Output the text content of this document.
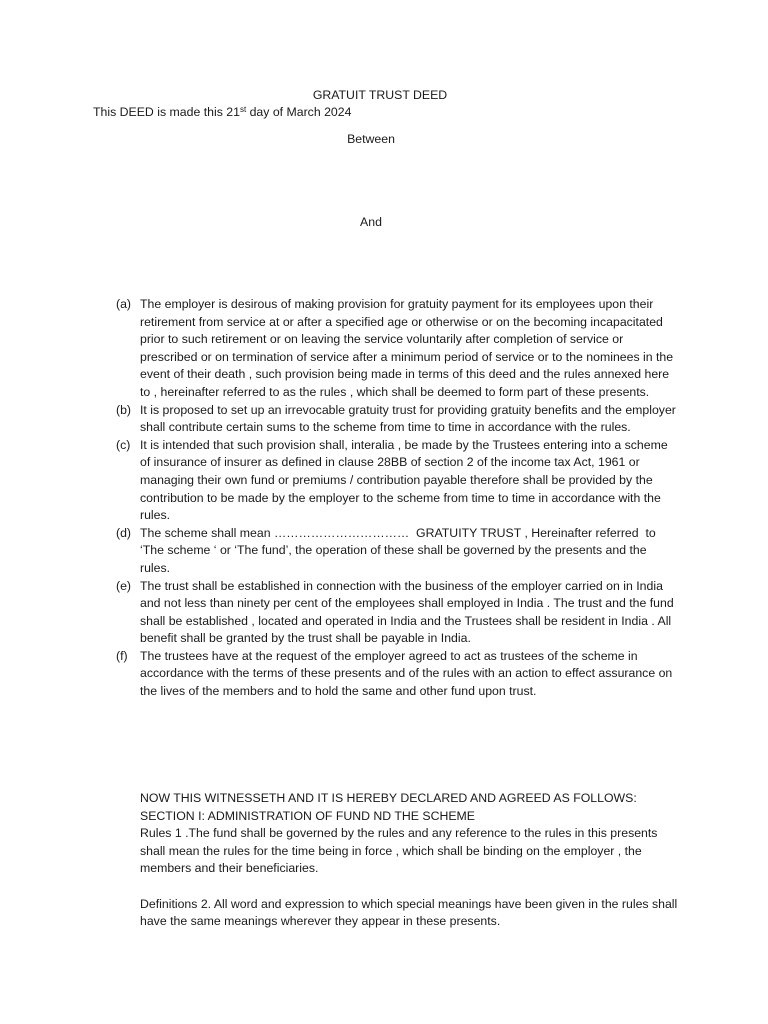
GRATUIT TRUST DEED
This DEED is made this 21st day of March 2024
Between
And
(a) The employer is desirous of making provision for gratuity payment for its employees upon their retirement from service at or after a specified age or otherwise or on the becoming incapacitated prior to such retirement or on leaving the service voluntarily after completion of service or prescribed or on termination of service after a minimum period of service or to the nominees in the event of their death , such provision being made in terms of this deed and the rules annexed here to , hereinafter referred to as the rules , which shall be deemed to form part of these presents.
(b) It is proposed to set up an irrevocable gratuity trust for providing gratuity benefits and the employer shall contribute certain sums to the scheme from time to time in accordance with the rules.
(c) It is intended that such provision shall, interalia , be made by the Trustees entering into a scheme of insurance of insurer as defined in clause 28BB of section 2 of the income tax Act, 1961 or managing their own fund or premiums / contribution payable therefore shall be provided by the contribution to be made by the employer to the scheme from time to time in accordance with the rules.
(d) The scheme shall mean ……………………………  GRATUITY TRUST , Hereinafter referred  to ‘The scheme ‘ or ‘The fund’, the operation of these shall be governed by the presents and the rules.
(e) The trust shall be established in connection with the business of the employer carried on in India and not less than ninety per cent of the employees shall employed in India . The trust and the fund shall be established , located and operated in India and the Trustees shall be resident in India . All benefit shall be granted by the trust shall be payable in India.
(f) The trustees have at the request of the employer agreed to act as trustees of the scheme in accordance with the terms of these presents and of the rules with an action to effect assurance on the lives of the members and to hold the same and other fund upon trust.

NOW THIS WITNESSETH AND IT IS HEREBY DECLARED AND AGREED AS FOLLOWS:

SECTION I: ADMINISTRATION OF FUND ND THE SCHEME

Rules 1 .The fund shall be governed by the rules and any reference to the rules in this presents shall mean the rules for the time being in force , which shall be binding on the employer , the members and their beneficiaries.

Definitions 2. All word and expression to which special meanings have been given in the rules shall have the same meanings wherever they appear in these presents.
